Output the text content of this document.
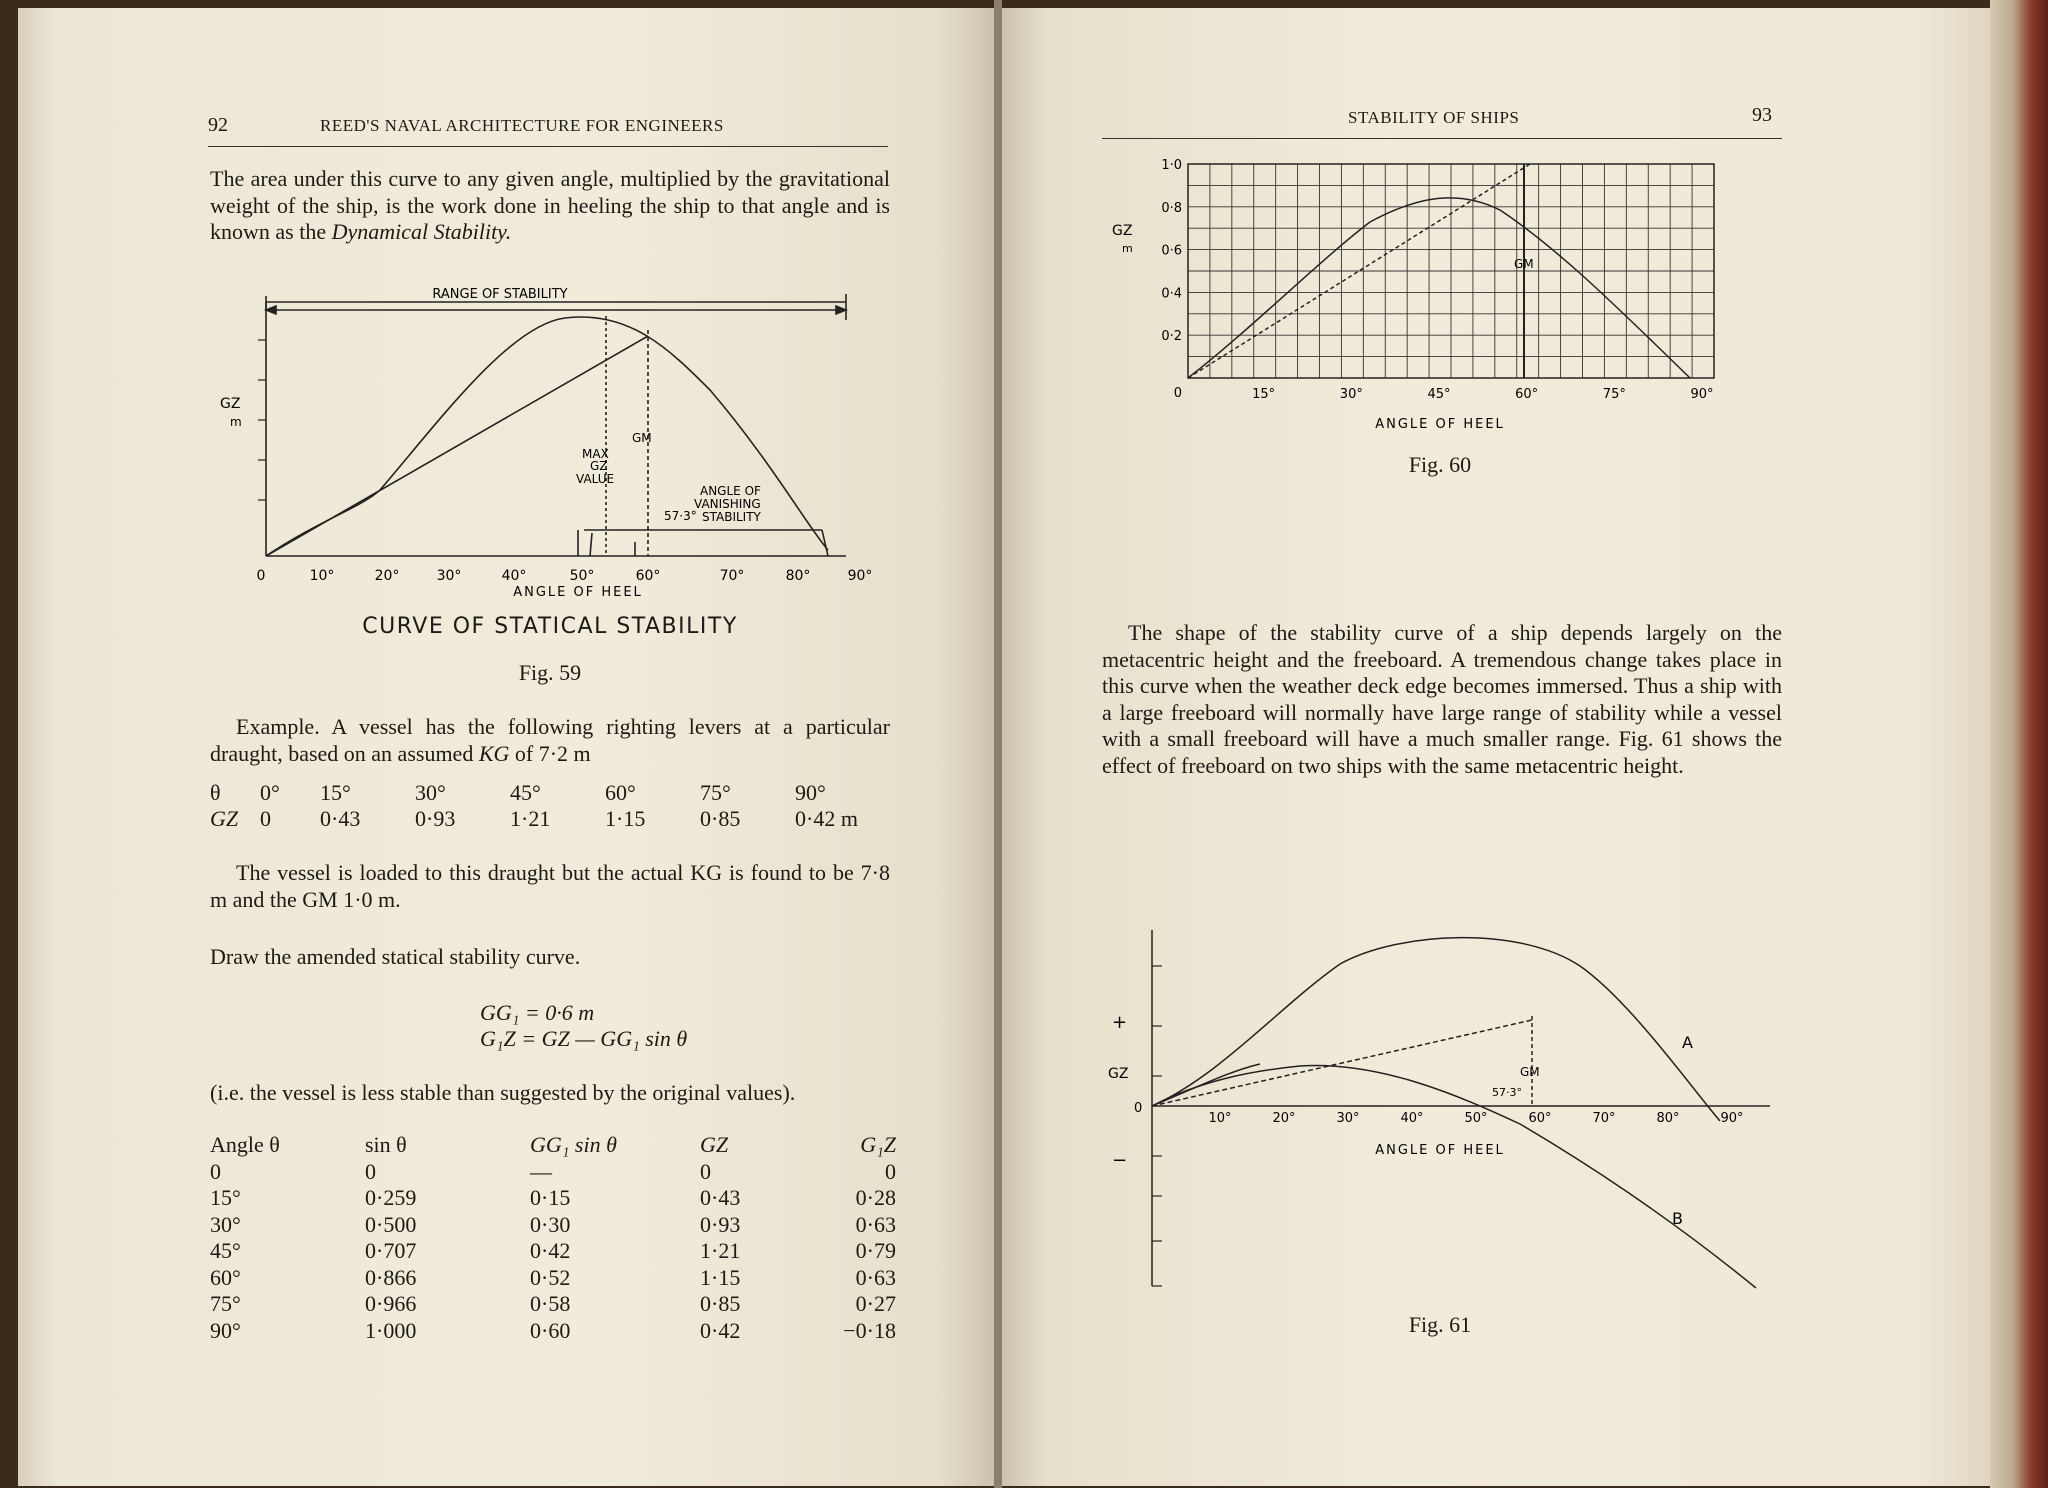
92	REED'S NAVAL ARCHITECTURE FOR ENGINEERS
The area under this curve to any given angle, multiplied by the gravitational weight of the ship, is the work done in heeling the ship to that angle and is known as the Dynamical Stability.
RANGE OF STABILITY
GZ
m
MAX
GZ
VALUE
GM
ANGLE OF
VANISHING
STABILITY
57·3°
0	10°	20°	30°	40°	50°	60°	70°	80°	90°
ANGLE OF HEEL
CURVE OF STATICAL STABILITY
Fig. 59
Example. A vessel has the following righting levers at a particular draught, based on an assumed KG of 7·2 m
θ	0°	15°	30°	45°	60°	75°	90°
GZ	0	0·43	0·93	1·21	1·15	0·85	0·42 m
The vessel is loaded to this draught but the actual KG is found to be 7·8 m and the GM 1·0 m.
Draw the amended statical stability curve.
GG₁ = 0·6 m
G₁Z = GZ — GG₁ sin θ
(i.e. the vessel is less stable than suggested by the original values).
Angle θ	sin θ	GG₁ sin θ	GZ	G₁Z
0	0	—	0	0
15°	0·259	0·15	0·43	0·28
30°	0·500	0·30	0·93	0·63
45°	0·707	0·42	1·21	0·79
60°	0·866	0·52	1·15	0·63
75°	0·966	0·58	0·85	0·27
90°	1·000	0·60	0·42	−0·18
STABILITY OF SHIPS	93
1·0
0·8
0·6
0·4
0·2
0
GZ
m
GM
15°	30°	45°	60°	75°	90°
ANGLE OF HEEL
Fig. 60
The shape of the stability curve of a ship depends largely on the metacentric height and the freeboard. A tremendous change takes place in this curve when the weather deck edge becomes immersed. Thus a ship with a large freeboard will normally have large range of stability while a vessel with a small freeboard will have a much smaller range. Fig. 61 shows the effect of freeboard on two ships with the same metacentric height.
+
−
GZ
0
GM
57·3°
A
B
10°	20°	30°	40°	50°	60°	70°	80°	90°
ANGLE OF HEEL
Fig. 61
